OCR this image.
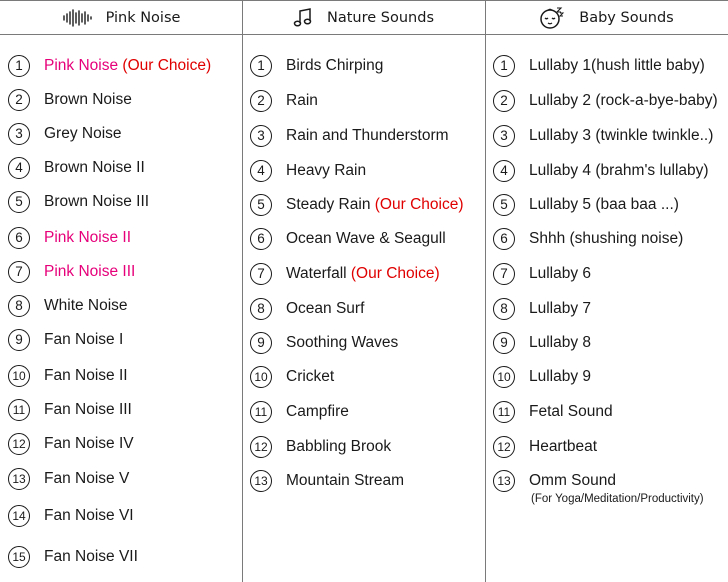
Pink Noise
1	Pink Noise (Our Choice)
2	Brown Noise
3	Grey Noise
4	Brown Noise II
5	Brown Noise III
6	Pink Noise II
7	Pink Noise III
8	White Noise
9	Fan Noise I
10 Fan Noise II
11	Fan Noise III
12 Fan Noise IV
13 Fan Noise V
14 Fan Noise VI
15 Fan Noise VII
Nature Sounds
1	Birds Chirping
2	Rain
3	Rain and Thunderstorm
4	Heavy Rain
5	Steady Rain (Our Choice)
6	Ocean Wave & Seagull
7	Waterfall (Our Choice)
8	Ocean Surf
9	Soothing Waves
10 Cricket
11	Campfire
12 Babbling Brook
13 Mountain Stream
Baby Sounds
1	Lullaby 1(hush little baby)
2	Lullaby 2 (rock-a-bye-baby)
3	Lullaby 3 (twinkle twinkle..)
4	Lullaby 4 (brahm's lullaby)
5	Lullaby 5 (baa baa ...)
6	Shhh (shushing noise)
7	Lullaby 6
8	Lullaby 7
9	Lullaby 8
10 Lullaby 9
11	Fetal Sound
12 Heartbeat
13 Omm Sound
(For Yoga/Meditation/Productivity)
